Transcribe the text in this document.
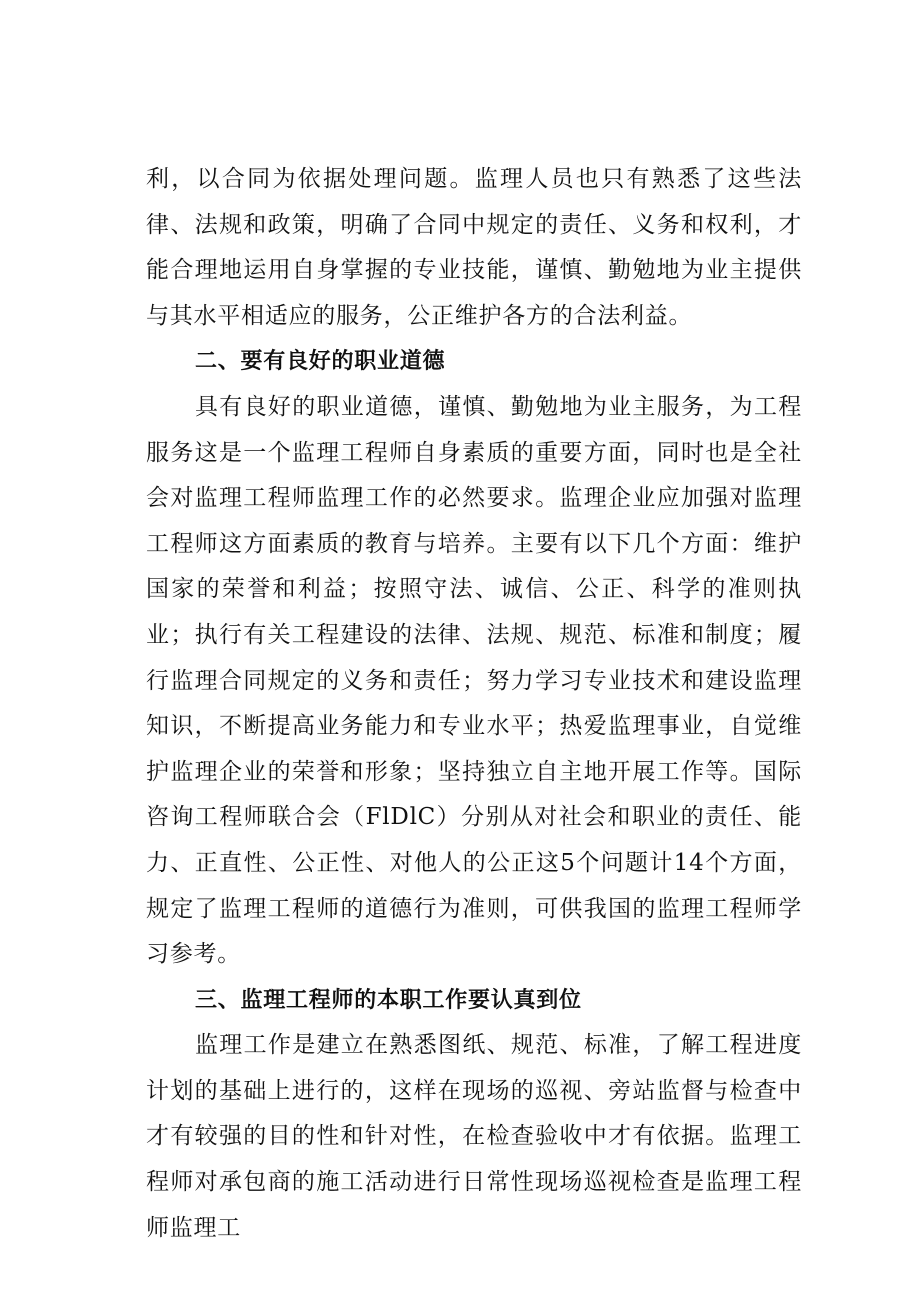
利，以合同为依据处理问题。监理人员也只有熟悉了这些法律、法规和政策，明确了合同中规定的责任、义务和权利，才能合理地运用自身掌握的专业技能，谨慎、勤勉地为业主提供与其水平相适应的服务，公正维护各方的合法利益。

二、要有良好的职业道德

具有良好的职业道德，谨慎、勤勉地为业主服务，为工程服务这是一个监理工程师自身素质的重要方面，同时也是全社会对监理工程师监理工作的必然要求。监理企业应加强对监理工程师这方面素质的教育与培养。主要有以下几个方面：维护国家的荣誉和利益；按照守法、诚信、公正、科学的准则执业；执行有关工程建设的法律、法规、规范、标准和制度；履行监理合同规定的义务和责任；努力学习专业技术和建设监理知识，不断提高业务能力和专业水平；热爱监理事业，自觉维护监理企业的荣誉和形象；坚持独立自主地开展工作等。国际咨询工程师联合会（FlDlC）分别从对社会和职业的责任、能力、正直性、公正性、对他人的公正这5个问题计14个方面，规定了监理工程师的道德行为准则，可供我国的监理工程师学习参考。

三、监理工程师的本职工作要认真到位

监理工作是建立在熟悉图纸、规范、标准，了解工程进度计划的基础上进行的，这样在现场的巡视、旁站监督与检查中才有较强的目的性和针对性，在检查验收中才有依据。监理工程师对承包商的施工活动进行日常性现场巡视检查是监理工程师监理工
